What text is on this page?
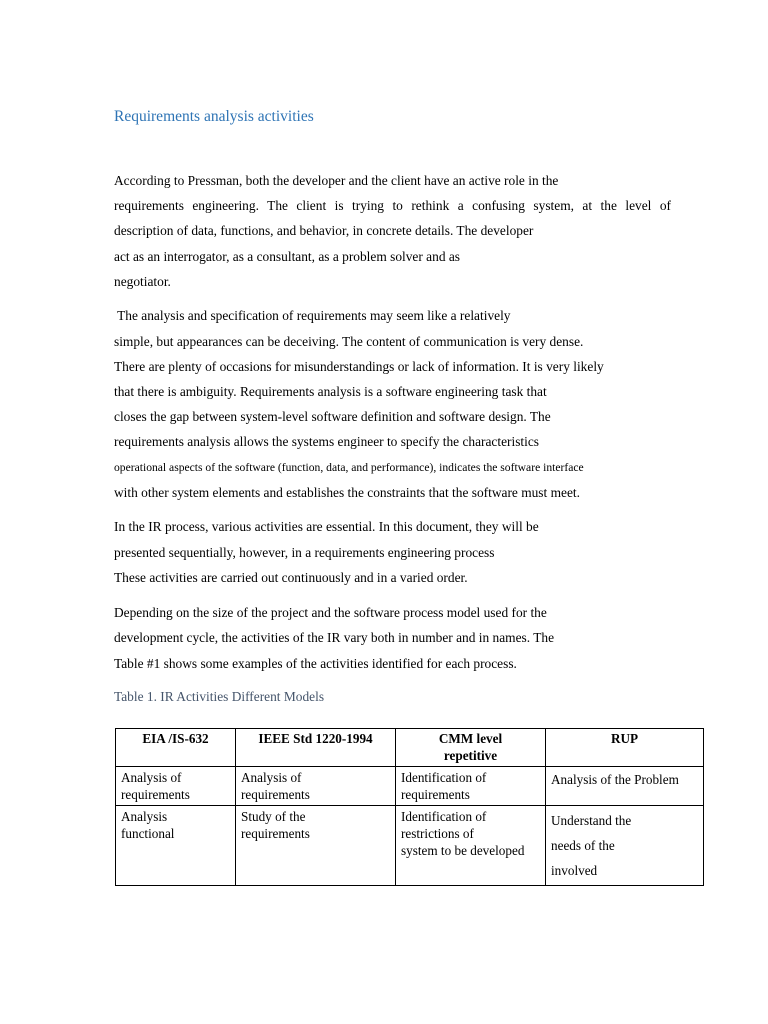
Requirements analysis activities

According to Pressman, both the developer and the client have an active role in the

requirements engineering. The client is trying to rethink a confusing system, at the level of

description of data, functions, and behavior, in concrete details. The developer

act as an interrogator, as a consultant, as a problem solver and as

negotiator.

The analysis and specification of requirements may seem like a relatively

simple, but appearances can be deceiving. The content of communication is very dense.

There are plenty of occasions for misunderstandings or lack of information. It is very likely

that there is ambiguity. Requirements analysis is a software engineering task that

closes the gap between system-level software definition and software design. The

requirements analysis allows the systems engineer to specify the characteristics

operational aspects of the software (function, data, and performance), indicates the software interface

with other system elements and establishes the constraints that the software must meet.

In the IR process, various activities are essential. In this document, they will be

presented sequentially, however, in a requirements engineering process

These activities are carried out continuously and in a varied order.

Depending on the size of the project and the software process model used for the

development cycle, the activities of the IR vary both in number and in names. The

Table #1 shows some examples of the activities identified for each process.

Table 1. IR Activities Different Models

EIA /IS-632	IEEE Std 1220-1994	CMM level
repetitive	RUP

Analysis of
requirements	Analysis of
requirements	Identification of
requirements	Analysis of the Problem

Analysis
functional	Study of the
requirements	Identification of
restrictions of
system to be developed	Understand the
needs of the
involved
